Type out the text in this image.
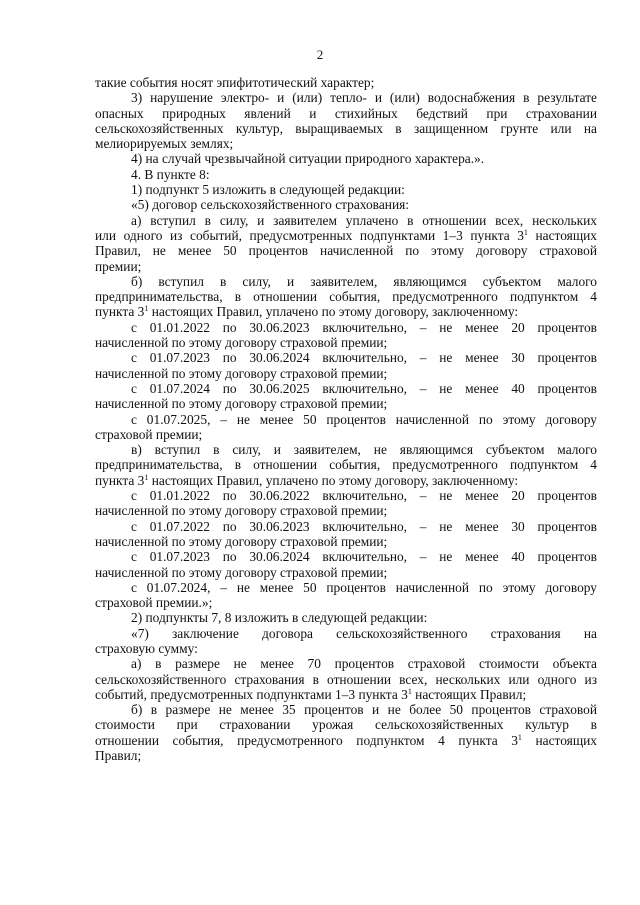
2
такие события носят эпифитотический характер;
3) нарушение электро- и (или) тепло- и (или) водоснабжения в результате
опасных природных явлений и стихийных бедствий при страховании
сельскохозяйственных культур, выращиваемых в защищенном грунте или на
мелиорируемых землях;
4) на случай чрезвычайной ситуации природного характера.».
4. В пункте 8:
1) подпункт 5 изложить в следующей редакции:
«5) договор сельскохозяйственного страхования:
а) вступил в силу, и заявителем уплачено в отношении всех, нескольких
или одного из событий, предусмотренных подпунктами 1–3 пункта $3^1$ настоящих
Правил, не менее 50 процентов начисленной по этому договору страховой
премии;
б) вступил в силу, и заявителем, являющимся субъектом малого
предпринимательства, в отношении события, предусмотренного подпунктом 4
пункта $3^1$ настоящих Правил, уплачено по этому договору, заключенному:
с 01.01.2022 по 30.06.2023 включительно, – не менее 20 процентов
начисленной по этому договору страховой премии;
с 01.07.2023 по 30.06.2024 включительно, – не менее 30 процентов
начисленной по этому договору страховой премии;
с 01.07.2024 по 30.06.2025 включительно, – не менее 40 процентов
начисленной по этому договору страховой премии;
с 01.07.2025, – не менее 50 процентов начисленной по этому договору
страховой премии;
в) вступил в силу, и заявителем, не являющимся субъектом малого
предпринимательства, в отношении события, предусмотренного подпунктом 4
пункта $3^1$ настоящих Правил, уплачено по этому договору, заключенному:
с 01.01.2022 по 30.06.2022 включительно, – не менее 20 процентов
начисленной по этому договору страховой премии;
с 01.07.2022 по 30.06.2023 включительно, – не менее 30 процентов
начисленной по этому договору страховой премии;
с 01.07.2023 по 30.06.2024 включительно, – не менее 40 процентов
начисленной по этому договору страховой премии;
с 01.07.2024, – не менее 50 процентов начисленной по этому договору
страховой премии.»;
2) подпункты 7, 8 изложить в следующей редакции:
«7) заключение договора сельскохозяйственного страхования на
страховую сумму:
а) в размере не менее 70 процентов страховой стоимости объекта
сельскохозяйственного страхования в отношении всех, нескольких или одного из
событий, предусмотренных подпунктами 1–3 пункта $3^1$ настоящих Правил;
б) в размере не менее 35 процентов и не более 50 процентов страховой
стоимости при страховании урожая сельскохозяйственных культур в
отношении события, предусмотренного подпунктом 4 пункта $3^1$ настоящих
Правил;
